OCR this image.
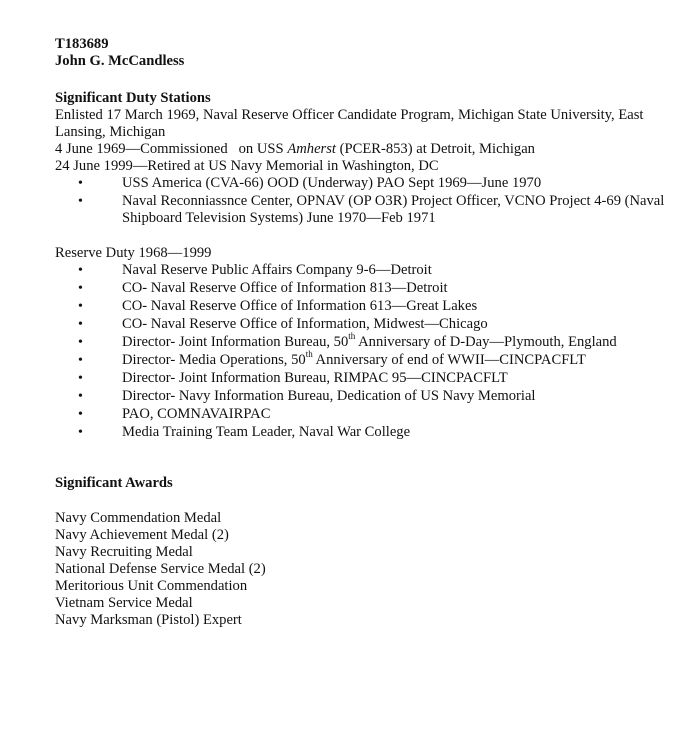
T183689
John G. McCandless
Significant Duty Stations

Enlisted 17 March 1969, Naval Reserve Officer Candidate Program, Michigan State University, East Lansing, Michigan

4 June 1969—Commissioned   on USS Amherst (PCER-853) at Detroit, Michigan

24 June 1999—Retired at US Navy Memorial in Washington, DC

• USS America (CVA-66) OOD (Underway) PAO Sept 1969—June 1970
• Naval Reconniassnce Center, OPNAV (OP O3R) Project Officer, VCNO Project 4-69 (Naval Shipboard Television Systems) June 1970—Feb 1971
Reserve Duty 1968—1999
• Naval Reserve Public Affairs Company 9-6—Detroit
• CO- Naval Reserve Office of Information 813—Detroit
• CO- Naval Reserve Office of Information 613—Great Lakes
• CO- Naval Reserve Office of Information, Midwest—Chicago
• Director- Joint Information Bureau, 50th Anniversary of D-Day—Plymouth, England
• Director- Media Operations, 50th Anniversary of end of WWII—CINCPACFLT
• Director- Joint Information Bureau, RIMPAC 95—CINCPACFLT
• Director- Navy Information Bureau, Dedication of US Navy Memorial
• PAO, COMNAVAIRPAC
• Media Training Team Leader, Naval War College
Significant Awards
Navy Commendation Medal
Navy Achievement Medal (2)
Navy Recruiting Medal
National Defense Service Medal (2)
Meritorious Unit Commendation
Vietnam Service Medal
Navy Marksman (Pistol) Expert
